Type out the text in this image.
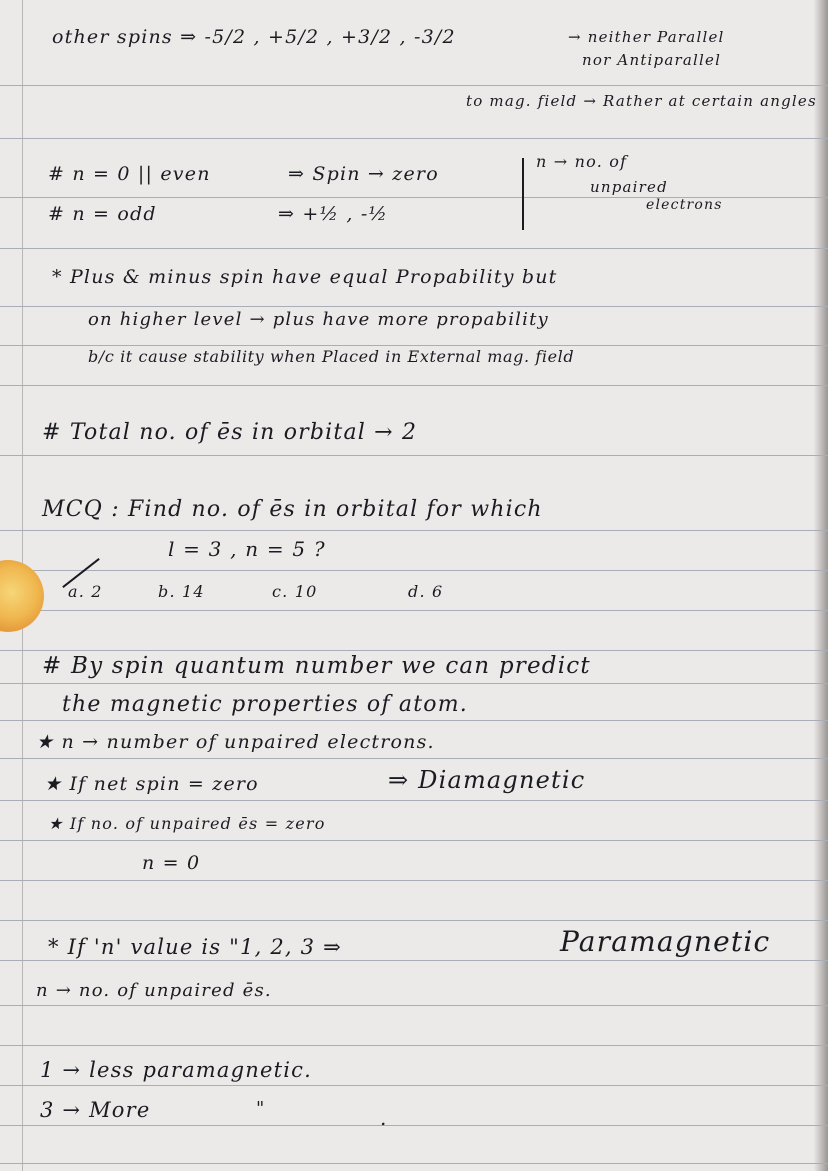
other spins ⇒ -5/2 , +5/2 , +3/2 , -3/2	→ neither Parallel
nor Antiparallel
to mag. field → Rather at certain angles
# n = 0 || even	⇒ Spin → zero
# n = odd	⇒ +½ , -½
n → no. of
unpaired
electrons
* Plus & minus spin have equal Propability but
on higher level → plus have more propability
b/c it cause stability when Placed in External mag. field
# Total no. of ēs in orbital → 2
MCQ : Find no. of ēs in orbital for which
l = 3 , n = 5 ?
a. 2	b. 14	c. 10	d. 6
# By spin quantum number we can predict
the magnetic properties of atom.
★ n → number of unpaired electrons.
★ If net spin = zero	⇒ Diamagnetic
★ If no. of unpaired ēs = zero
n = 0
* If 'n' value is "1, 2, 3 ⇒	Paramagnetic
n → no. of unpaired ēs.
1 → less paramagnetic.
3 → More	"	.
